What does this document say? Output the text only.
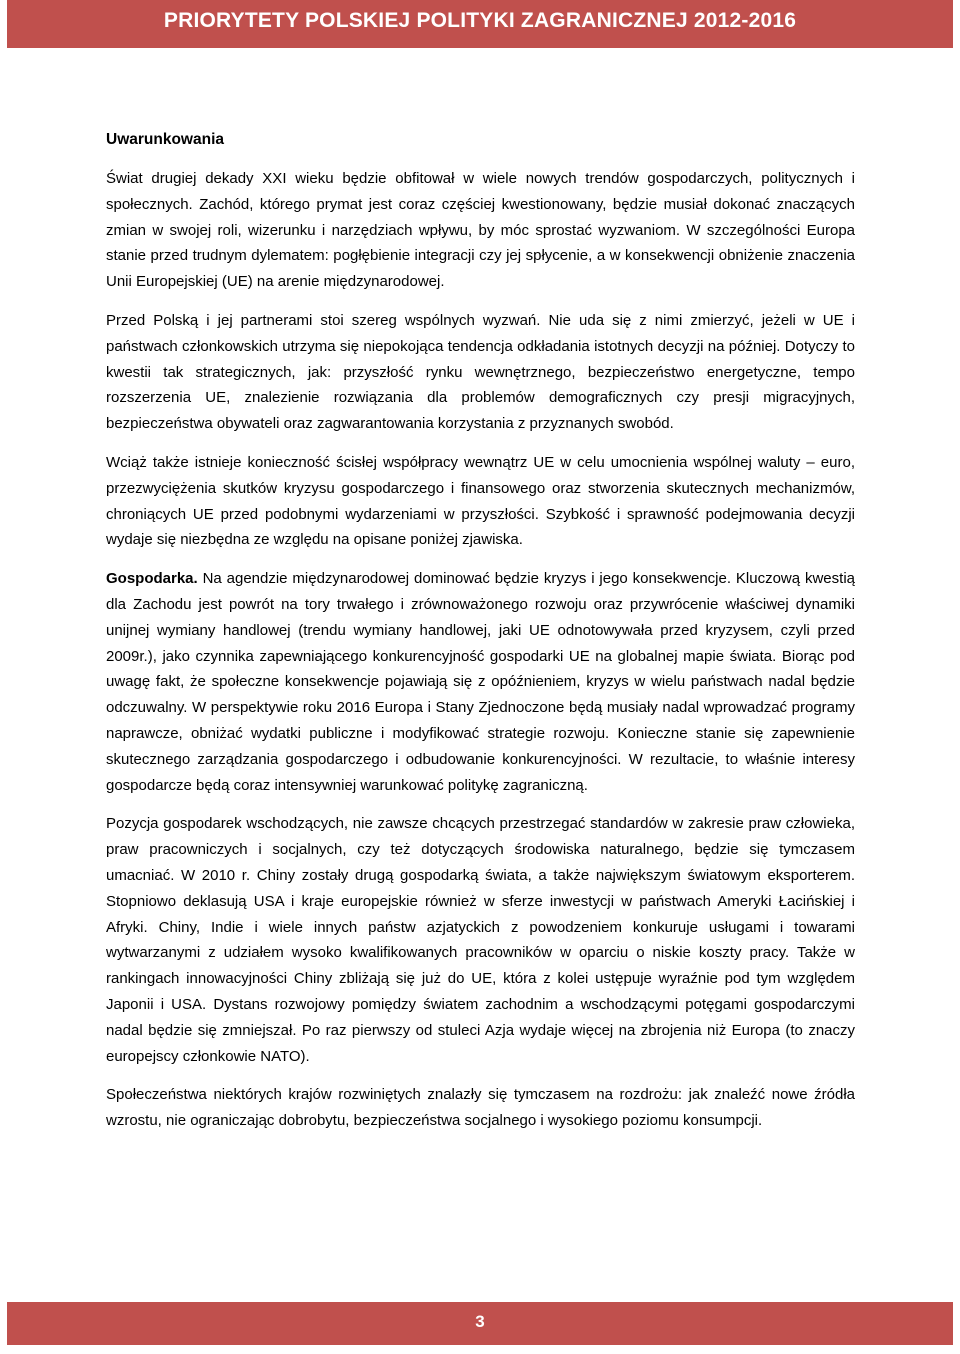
PRIORYTETY POLSKIEJ POLITYKI ZAGRANICZNEJ 2012-2016
Uwarunkowania

Świat drugiej dekady XXI wieku będzie obfitował w wiele nowych trendów gospodarczych, politycznych i społecznych. Zachód, którego prymat jest coraz częściej kwestionowany, będzie musiał dokonać znaczących zmian w swojej roli, wizerunku i narzędziach wpływu, by móc sprostać wyzwaniom. W szczególności Europa stanie przed trudnym dylematem: pogłębienie integracji czy jej spłycenie, a w konsekwencji obniżenie znaczenia Unii Europejskiej (UE) na arenie międzynarodowej.

Przed Polską i jej partnerami stoi szereg wspólnych wyzwań. Nie uda się z nimi zmierzyć, jeżeli w UE i państwach członkowskich utrzyma się niepokojąca tendencja odkładania istotnych decyzji na później. Dotyczy to kwestii tak strategicznych, jak: przyszłość rynku wewnętrznego, bezpieczeństwo energetyczne, tempo rozszerzenia UE, znalezienie rozwiązania dla problemów demograficznych czy presji migracyjnych, bezpieczeństwa obywateli oraz zagwarantowania korzystania z przyznanych swobód.

Wciąż także istnieje konieczność ścisłej współpracy wewnątrz UE w celu umocnienia wspólnej waluty – euro, przezwyciężenia skutków kryzysu gospodarczego i finansowego oraz stworzenia skutecznych mechanizmów, chroniących UE przed podobnymi wydarzeniami w przyszłości. Szybkość i sprawność podejmowania decyzji wydaje się niezbędna ze względu na opisane poniżej zjawiska.

Gospodarka. Na agendzie międzynarodowej dominować będzie kryzys i jego konsekwencje. Kluczową kwestią dla Zachodu jest powrót na tory trwałego i zrównoważonego rozwoju oraz przywrócenie właściwej dynamiki unijnej wymiany handlowej (trendu wymiany handlowej, jaki UE odnotowywała przed kryzysem, czyli przed 2009r.), jako czynnika zapewniającego konkurencyjność gospodarki UE na globalnej mapie świata. Biorąc pod uwagę fakt, że społeczne konsekwencje pojawiają się z opóźnieniem, kryzys w wielu państwach nadal będzie odczuwalny. W perspektywie roku 2016 Europa i Stany Zjednoczone będą musiały nadal wprowadzać programy naprawcze, obniżać wydatki publiczne i modyfikować strategie rozwoju. Konieczne stanie się zapewnienie skutecznego zarządzania gospodarczego i odbudowanie konkurencyjności. W rezultacie, to właśnie interesy gospodarcze będą coraz intensywniej warunkować politykę zagraniczną.

Pozycja gospodarek wschodzących, nie zawsze chcących przestrzegać standardów w zakresie praw człowieka, praw pracowniczych i socjalnych, czy też dotyczących środowiska naturalnego, będzie się tymczasem umacniać. W 2010 r. Chiny zostały drugą gospodarką świata, a także największym światowym eksporterem. Stopniowo deklasują USA i kraje europejskie również w sferze inwestycji w państwach Ameryki Łacińskiej i Afryki. Chiny, Indie i wiele innych państw azjatyckich z powodzeniem konkuruje usługami i towarami wytwarzanymi z udziałem wysoko kwalifikowanych pracowników w oparciu o niskie koszty pracy. Także w rankingach innowacyjności Chiny zbliżają się już do UE, która z kolei ustępuje wyraźnie pod tym względem Japonii i USA. Dystans rozwojowy pomiędzy światem zachodnim a wschodzącymi potęgami gospodarczymi nadal będzie się zmniejszał. Po raz pierwszy od stuleci Azja wydaje więcej na zbrojenia niż Europa (to znaczy europejscy członkowie NATO).

Społeczeństwa niektórych krajów rozwiniętych znalazły się tymczasem na rozdrożu: jak znaleźć nowe źródła wzrostu, nie ograniczając dobrobytu, bezpieczeństwa socjalnego i wysokiego poziomu konsumpcji.

3
